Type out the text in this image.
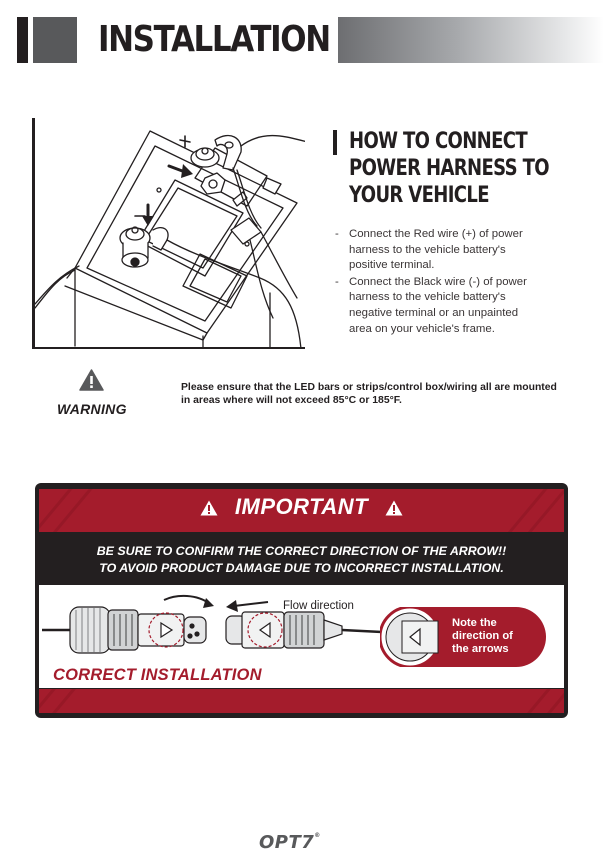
INSTALLATION
HOW TO CONNECT
POWER HARNESS TO
YOUR VEHICLE
- Connect the Red wire (+) of power
harness to the vehicle battery's
positive terminal.
- Connect the Black wire (-) of power
harness to the vehicle battery's
negative terminal or an unpainted
area on your vehicle's frame.
WARNING
Please ensure that the LED bars or strips/control box/wiring all are mounted
in areas where will not exceed 85°C or 185°F.
IMPORTANT
BE SURE TO CONFIRM THE CORRECT DIRECTION OF THE ARROW!!
TO AVOID PRODUCT DAMAGE DUE TO INCORRECT INSTALLATION.
Flow direction
CORRECT INSTALLATION
Note the
direction of
the arrows
OPT7®
